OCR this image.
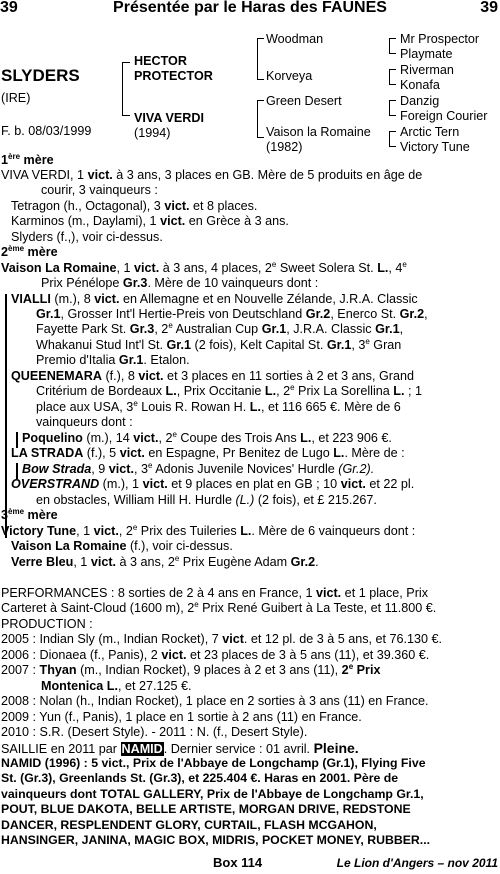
39	Présentée par le Haras des FAUNES	39
SLYDERS
(IRE)
F. b. 08/03/1999
HECTOR
PROTECTOR
VIVA VERDI
(1994)
Woodman
Korveya
Green Desert
Vaison la Romaine
(1982)
Mr Prospector
Playmate
Riverman
Konafa
Danzig
Foreign Courier
Arctic Tern
Victory Tune
1ère mère
VIVA VERDI, 1 vict. à 3 ans, 3 places en GB. Mère de 5 produits en âge de
courir, 3 vainqueurs :
Tetragon (h., Octagonal), 3 vict. et 8 places.
Karminos (m., Daylami), 1 vict. en Grèce à 3 ans.
Slyders (f.,), voir ci-dessus.
2ème mère
Vaison La Romaine, 1 vict. à 3 ans, 4 places, 2e Sweet Solera St. L., 4e
Prix Pénélope Gr.3. Mère de 10 vainqueurs dont :
VIALLI (m.), 8 vict. en Allemagne et en Nouvelle Zélande, J.R.A. Classic
Gr.1, Grosser Int'l Hertie-Preis von Deutschland Gr.2, Enerco St. Gr.2,
Fayette Park St. Gr.3, 2e Australian Cup Gr.1, J.R.A. Classic Gr.1,
Whakanui Stud Int'l St. Gr.1 (2 fois), Kelt Capital St. Gr.1, 3e Gran
Premio d'Italia Gr.1. Etalon.
QUEENEMARA (f.), 8 vict. et 3 places en 11 sorties à 2 et 3 ans, Grand
Critérium de Bordeaux L., Prix Occitanie L., 2e Prix La Sorellina L. ; 1
place aux USA, 3e Louis R. Rowan H. L., et 116 665 €. Mère de 6
vainqueurs dont :
Poquelino (m.), 14 vict., 2e Coupe des Trois Ans L., et 223 906 €.
LA STRADA (f.), 5 vict. en Espagne, Pr Benitez de Lugo L.. Mère de :
Bow Strada, 9 vict., 3e Adonis Juvenile Novices' Hurdle (Gr.2).
OVERSTRAND (m.), 1 vict. et 9 places en plat en GB ; 10 vict. et 22 pl.
en obstacles, William Hill H. Hurdle (L.) (2 fois), et £ 215.267.
3ème mère
Victory Tune, 1 vict., 2e Prix des Tuileries L.. Mère de 6 vainqueurs dont :
Vaison La Romaine (f.), voir ci-dessus.
Verre Bleu, 1 vict. à 3 ans, 2e Prix Eugène Adam Gr.2.
PERFORMANCES : 8 sorties de 2 à 4 ans en France, 1 vict. et 1 place, Prix
Carteret à Saint-Cloud (1600 m), 2e Prix René Guibert à La Teste, et 11.800 €.
PRODUCTION :
2005 : Indian Sly (m., Indian Rocket), 7 vict. et 12 pl. de 3 à 5 ans, et 76.130 €.
2006 : Dionaea (f., Panis), 2 vict. et 23 places de 3 à 5 ans (11), et 39.360 €.
2007 : Thyan (m., Indian Rocket), 9 places à 2 et 3 ans (11), 2e Prix
Montenica L., et 27.125 €.
2008 : Nolan (h., Indian Rocket), 1 place en 2 sorties à 3 ans (11) en France.
2009 : Yun (f., Panis), 1 place en 1 sortie à 2 ans (11) en France.
2010 : S.R. (Desert Style). - 2011 : N. (f., Desert Style).
SAILLIE en 2011 par NAMID. Dernier service : 01 avril. Pleine.
NAMID (1996) : 5 vict., Prix de l'Abbaye de Longchamp (Gr.1), Flying Five
St. (Gr.3), Greenlands St. (Gr.3), et 225.404 €. Haras en 2001. Père de
vainqueurs dont TOTAL GALLERY, Prix de l'Abbaye de Longchamp Gr.1,
POUT, BLUE DAKOTA, BELLE ARTISTE, MORGAN DRIVE, REDSTONE
DANCER, RESPLENDENT GLORY, CURTAIL, FLASH MCGAHON,
HANSINGER, JANINA, MAGIC BOX, MIDRIS, POCKET MONEY, RUBBER...
Box 114	Le Lion d'Angers – nov 2011
